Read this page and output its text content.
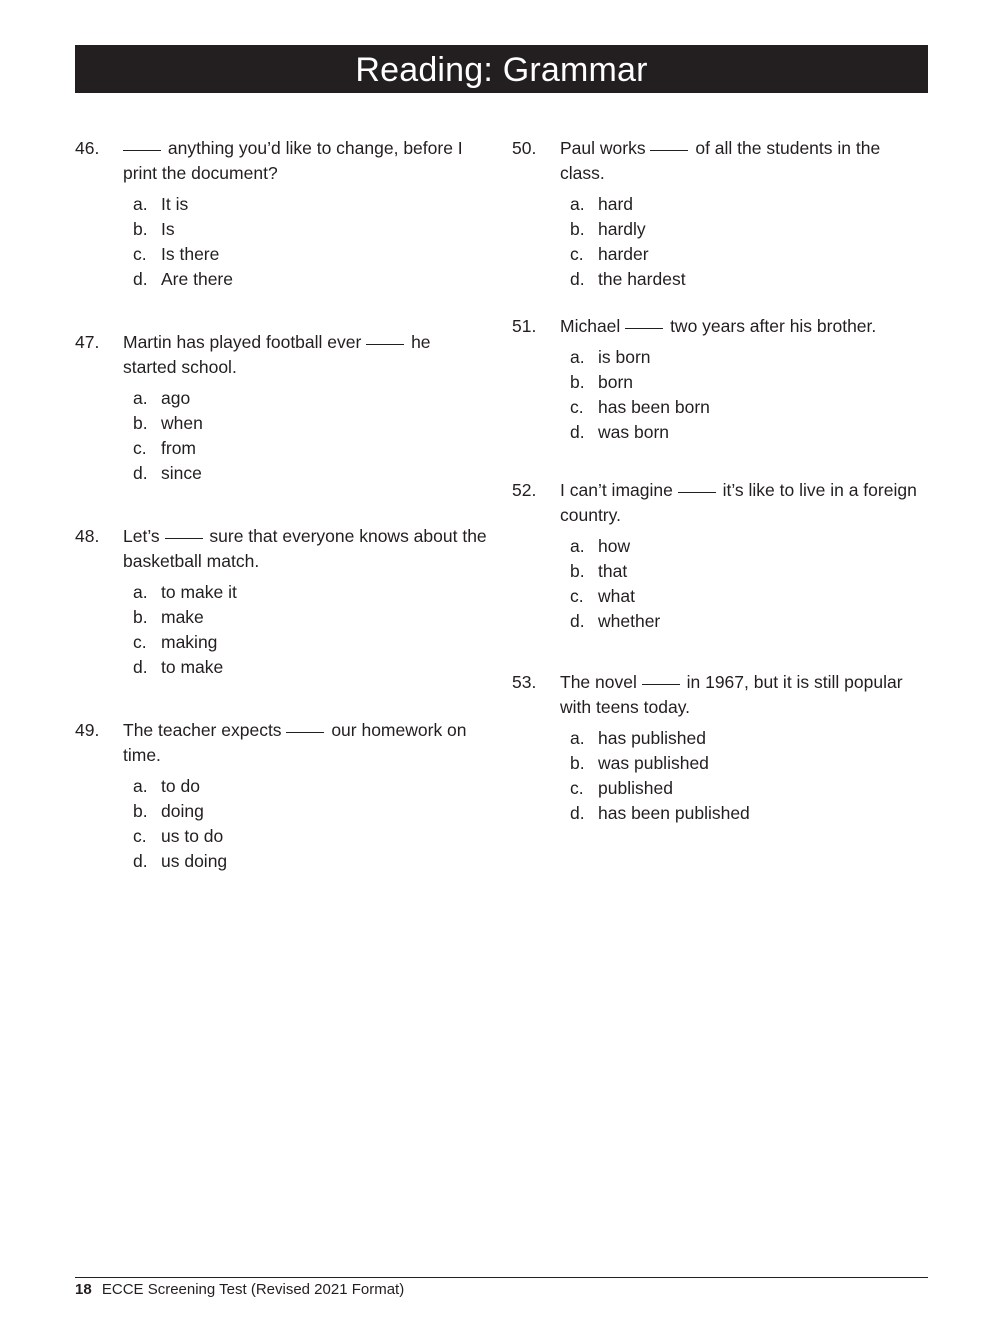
Reading: Grammar
46.	anything you’d like to change, before I print the document?

a. It is
b. Is
c. Is there
d. Are there
47. Martin has played football ever	he started school.

a. ago
b. when
c. from
d. since
48. Let’s	sure that everyone knows about the basketball match.

a. to make it
b. make
c. making
d. to make
49. The teacher expects	our homework on time.

a. to do
b. doing
c. us to do
d. us doing
50. Paul works	of all the students in the class.

a. hard
b. hardly
c. harder
d. the hardest
51. Michael	two years after his brother.

a. is born
b. born
c. has been born
d. was born
52. I can’t imagine	it’s like to live in a foreign country.

a. how
b. that
c. what
d. whether
53. The novel	in 1967, but it is still popular with teens today.

a. has published
b. was published
c. published
d. has been published
18 ECCE Screening Test (Revised 2021 Format)
